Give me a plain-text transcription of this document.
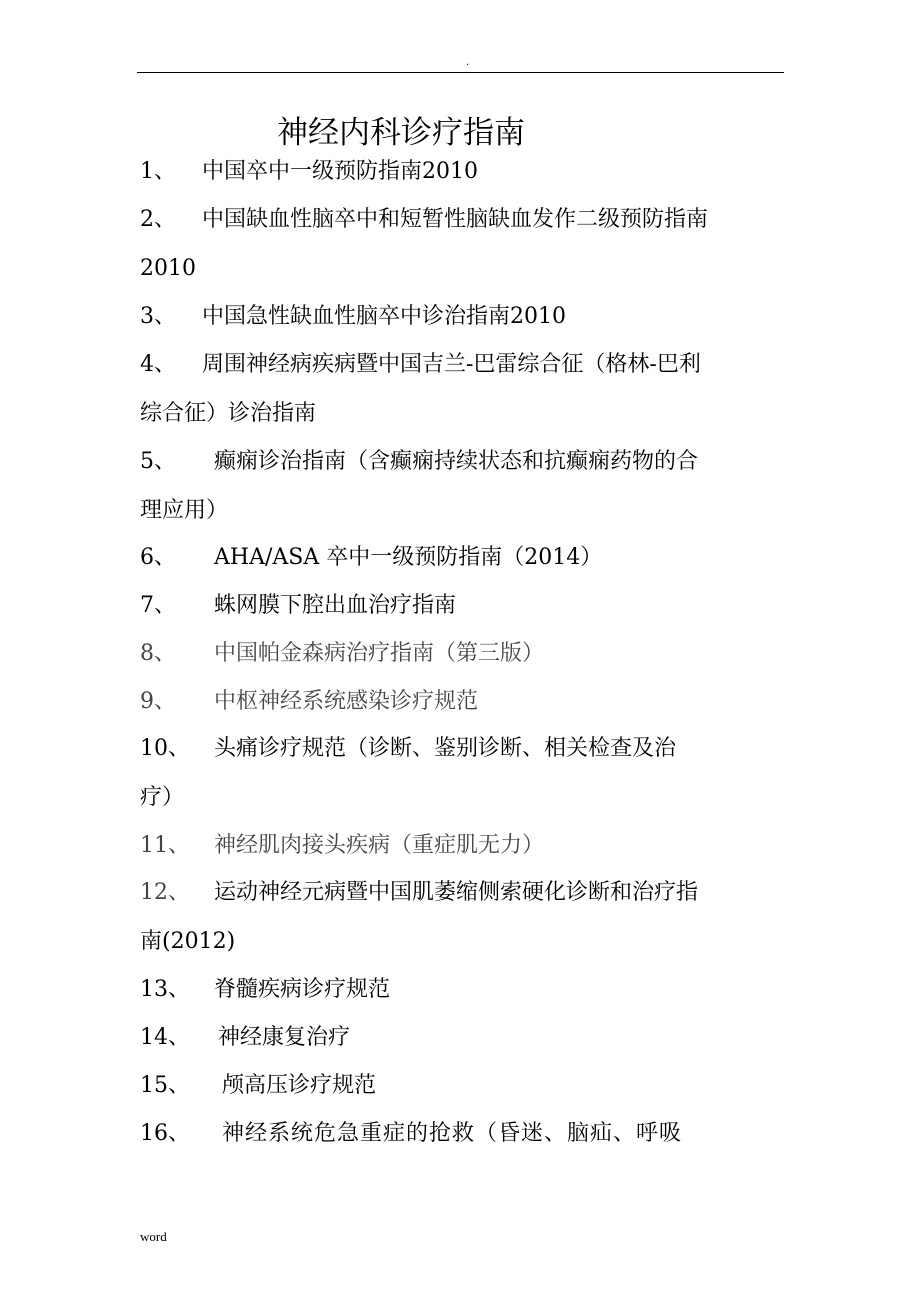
.
神经内科诊疗指南
1、 中国卒中一级预防指南2010
2、 中国缺血性脑卒中和短暂性脑缺血发作二级预防指南
2010
3、 中国急性缺血性脑卒中诊治指南2010
4、 周围神经病疾病暨中国吉兰-巴雷综合征（格林-巴利
综合征）诊治指南
5、 癫痫诊治指南（含癫痫持续状态和抗癫痫药物的合
理应用）
6、 AHA/ASA 卒中一级预防指南（2014）
7、 蛛网膜下腔出血治疗指南
8、 中国帕金森病治疗指南（第三版）
9、 中枢神经系统感染诊疗规范
10、 头痛诊疗规范（诊断、鉴别诊断、相关检查及治
疗）
11、 神经肌肉接头疾病（重症肌无力）
12、 运动神经元病暨中国肌萎缩侧索硬化诊断和治疗指
南(2012)
13、 脊髓疾病诊疗规范
14、 神经康复治疗
15、 颅高压诊疗规范
16、 神经系统危急重症的抢救（昏迷、脑疝、呼吸
word
